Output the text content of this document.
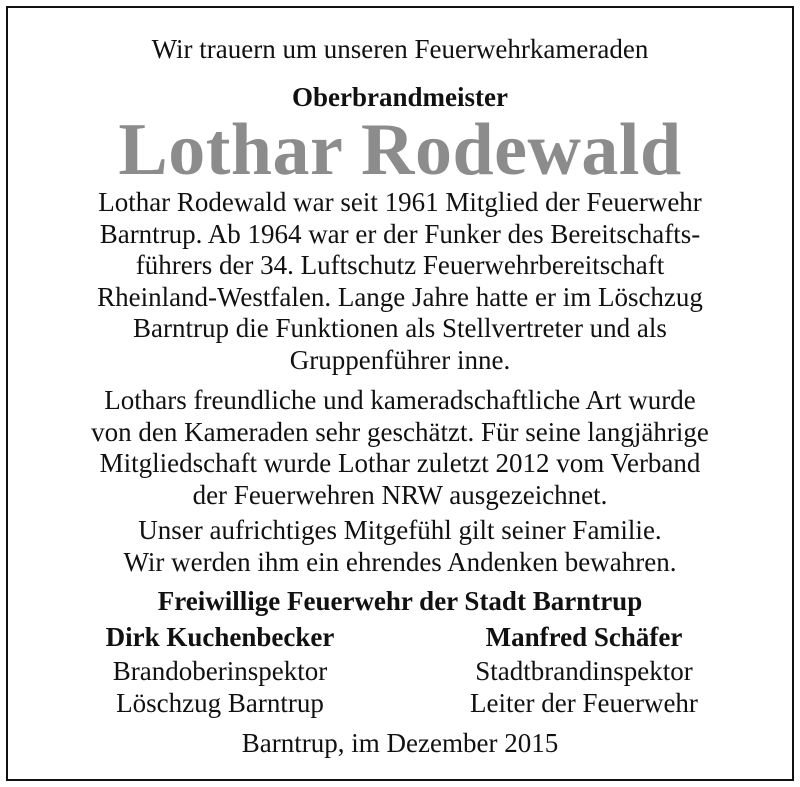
Wir trauern um unseren Feuerwehrkameraden
Oberbrandmeister
Lothar Rodewald
Lothar Rodewald war seit 1961 Mitglied der Feuerwehr
Barntrup. Ab 1964 war er der Funker des Bereitschafts-
führers der 34. Luftschutz Feuerwehrbereitschaft
Rheinland-Westfalen. Lange Jahre hatte er im Löschzug
Barntrup die Funktionen als Stellvertreter und als
Gruppenführer inne.
Lothars freundliche und kameradschaftliche Art wurde
von den Kameraden sehr geschätzt. Für seine langjährige
Mitgliedschaft wurde Lothar zuletzt 2012 vom Verband
der Feuerwehren NRW ausgezeichnet.
Unser aufrichtiges Mitgefühl gilt seiner Familie.
Wir werden ihm ein ehrendes Andenken bewahren.
Freiwillige Feuerwehr der Stadt Barntrup
Dirk Kuchenbecker
Brandoberinspektor
Löschzug Barntrup
Manfred Schäfer
Stadtbrandinspektor
Leiter der Feuerwehr
Barntrup, im Dezember 2015
